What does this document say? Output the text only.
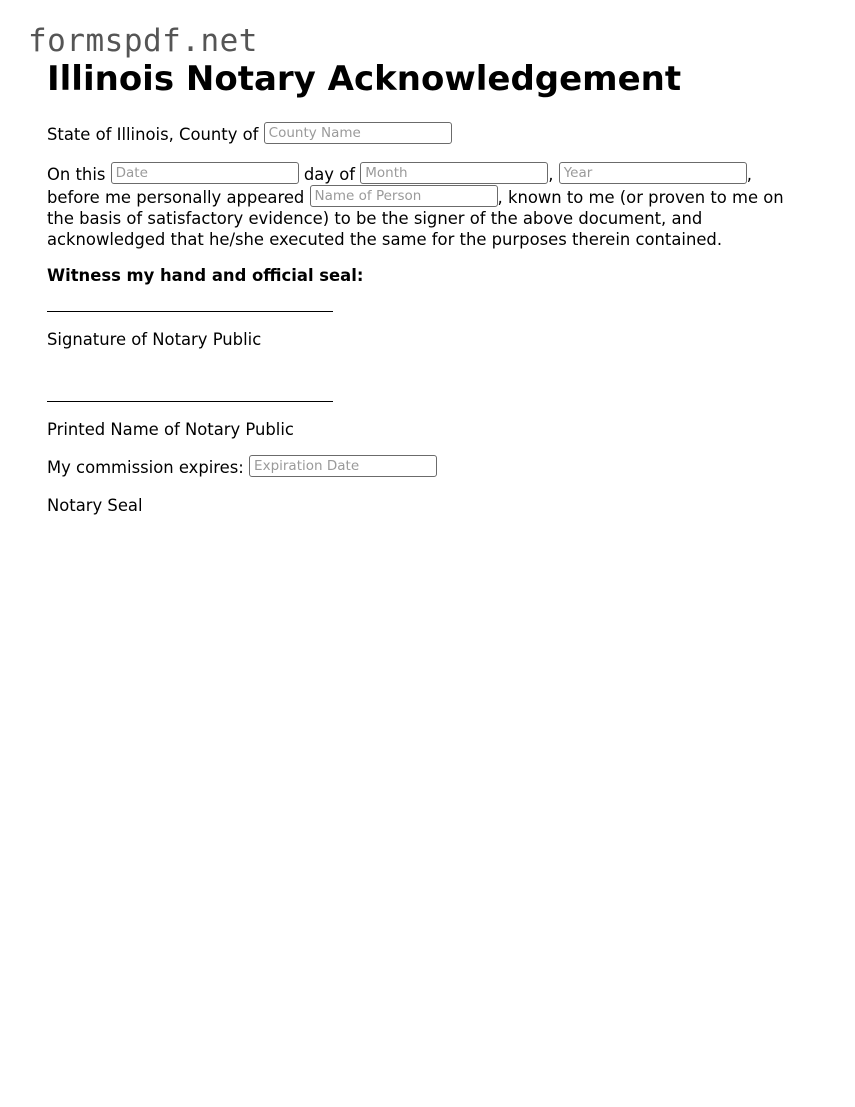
formspdf.net
Illinois Notary Acknowledgement
State of Illinois, County of County Name
On this Date	day of Month	, Year	,
before me personally appeared Name of Person	, known to me (or proven to me on
the basis of satisfactory evidence) to be the signer of the above document, and
acknowledged that he/she executed the same for the purposes therein contained.
Witness my hand and official seal:
Signature of Notary Public
Printed Name of Notary Public
My commission expires: Expiration Date
Notary Seal
